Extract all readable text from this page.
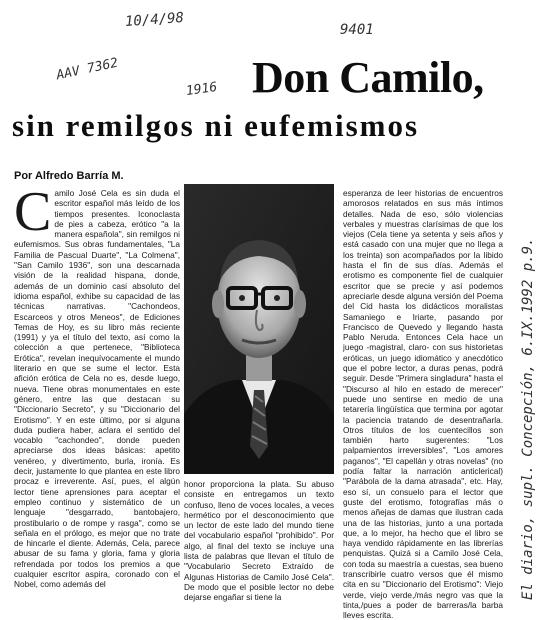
10/4/98
AAV 7362
1916
9401
Don Camilo,
sin remilgos ni eufemismos
Por Alfredo Barría M.
C amilo José Cela es sin duda el escritor español más leído de los tiempos presentes. Iconoclasta de pies a cabeza, erótico "a la manera española", sin remilgos ni eufemismos. Sus obras fundamentales, "La Familia de Pascual Duarte", "La Colmena", "San Camilo 1936", son una descarnada visión de la realidad hispana, donde, además de un dominio casi absoluto del idioma español, exhibe su capacidad de las técnicas narrativas. "Cachondeos, Escarceos y otros Meneos", de Ediciones Temas de Hoy, es su libro más reciente (1991) y ya el título del texto, así como la colección a que pertenece, "Biblioteca Erótica", revelan inequívocamente el mundo literario en que se sume el lector. Esta afición erótica de Cela no es, desde luego, nueva. Tiene obras monumentales en este género, entre las que destacan su "Diccionario Secreto", y su "Diccionario del Erotismo". Y en este último, por si alguna duda pudiera haber, aclara el sentido del vocablo "cachondeo", donde pueden apreciarse dos ideas básicas: apetito venéreo, y divertimento, burla, ironía. Es decir, justamente lo que plantea en este libro procaz e irreverente. Así, pues, el algún lector tiene aprensiones para aceptar el empleo continuo y sistemático de un lenguaje "desgarrado, bantobajero, prostibulario o de rompe y rasga", como se señala en el prólogo, es mejor que no trate de hincarle el diente. Además, Cela, parece abusar de su fama y gloria, fama y gloria refrendada por todos los premios a que cualquier escritor aspira, coronado con el Nobel, como además del
honor proporciona la plata. Su abuso consiste en entregamos un texto confuso, lleno de voces locales, a veces hermético por el desconocimiento que un lector de este lado del mundo tiene del vocabulario español "prohibido". Por algo, al final del texto se incluye una lista de palabras que llevan el título de "Vocabulario Secreto Extraído de Algunas Historias de Camilo José Cela". De modo que el posible lector no debe dejarse engañar si tiene la
esperanza de leer historias de encuentros amorosos relatados en sus más íntimos detalles. Nada de eso, sólo violencias verbales y muestras clarísimas de que los viejos (Cela tiene ya setenta y seis años y está casado con una mujer que no llega a los treinta) son acompañados por la libido hasta el fin de sus días. Además el erotismo es componente fiel de cualquier escritor que se precie y así podemos apreciarle desde alguna versión del Poema del Cid hasta los didácticos moralistas Samaniego e Iriarte, pasando por Francisco de Quevedo y llegando hasta Pablo Neruda. Entonces Cela hace un juego -magistral, claro- con sus historietas eróticas, un juego idiomático y anecdótico que el pobre lector, a duras penas, podrá seguir. Desde "Primera singladura" hasta el "Discurso al hilo en estado de merecer" puede uno sentirse en medio de una tetarería lingüística que termina por agotar la paciencia tratando de desentrañarla. Otros títulos de los cuentecillos son también harto sugerentes: "Los palpamientos irreversibles", "Los amores paganos", "El capellán y otras novelas" (no podía faltar la narración anticlerical) "Parábola de la dama atrasada", etc. Hay, eso sí, un consuelo para el lector que guste del erotismo, fotografías más o menos añejas de damas que ilustran cada una de las historias, junto a una portada que, a lo mejor, ha hecho que el libro se haya vendido rápidamente en las librerías penquistas. Quizá si a Camilo José Cela, con toda su maestría a cuestas, sea bueno transcribirle cuatro versos que él mismo cita en su "Diccionario del Erotismo": Viejo verde, viejo verde,/más negro vas que la tinta,/pues a poder de barreras/la barba lleves escrita.
El diario, supl. Concepción, 6.IX.1992 p.9.
